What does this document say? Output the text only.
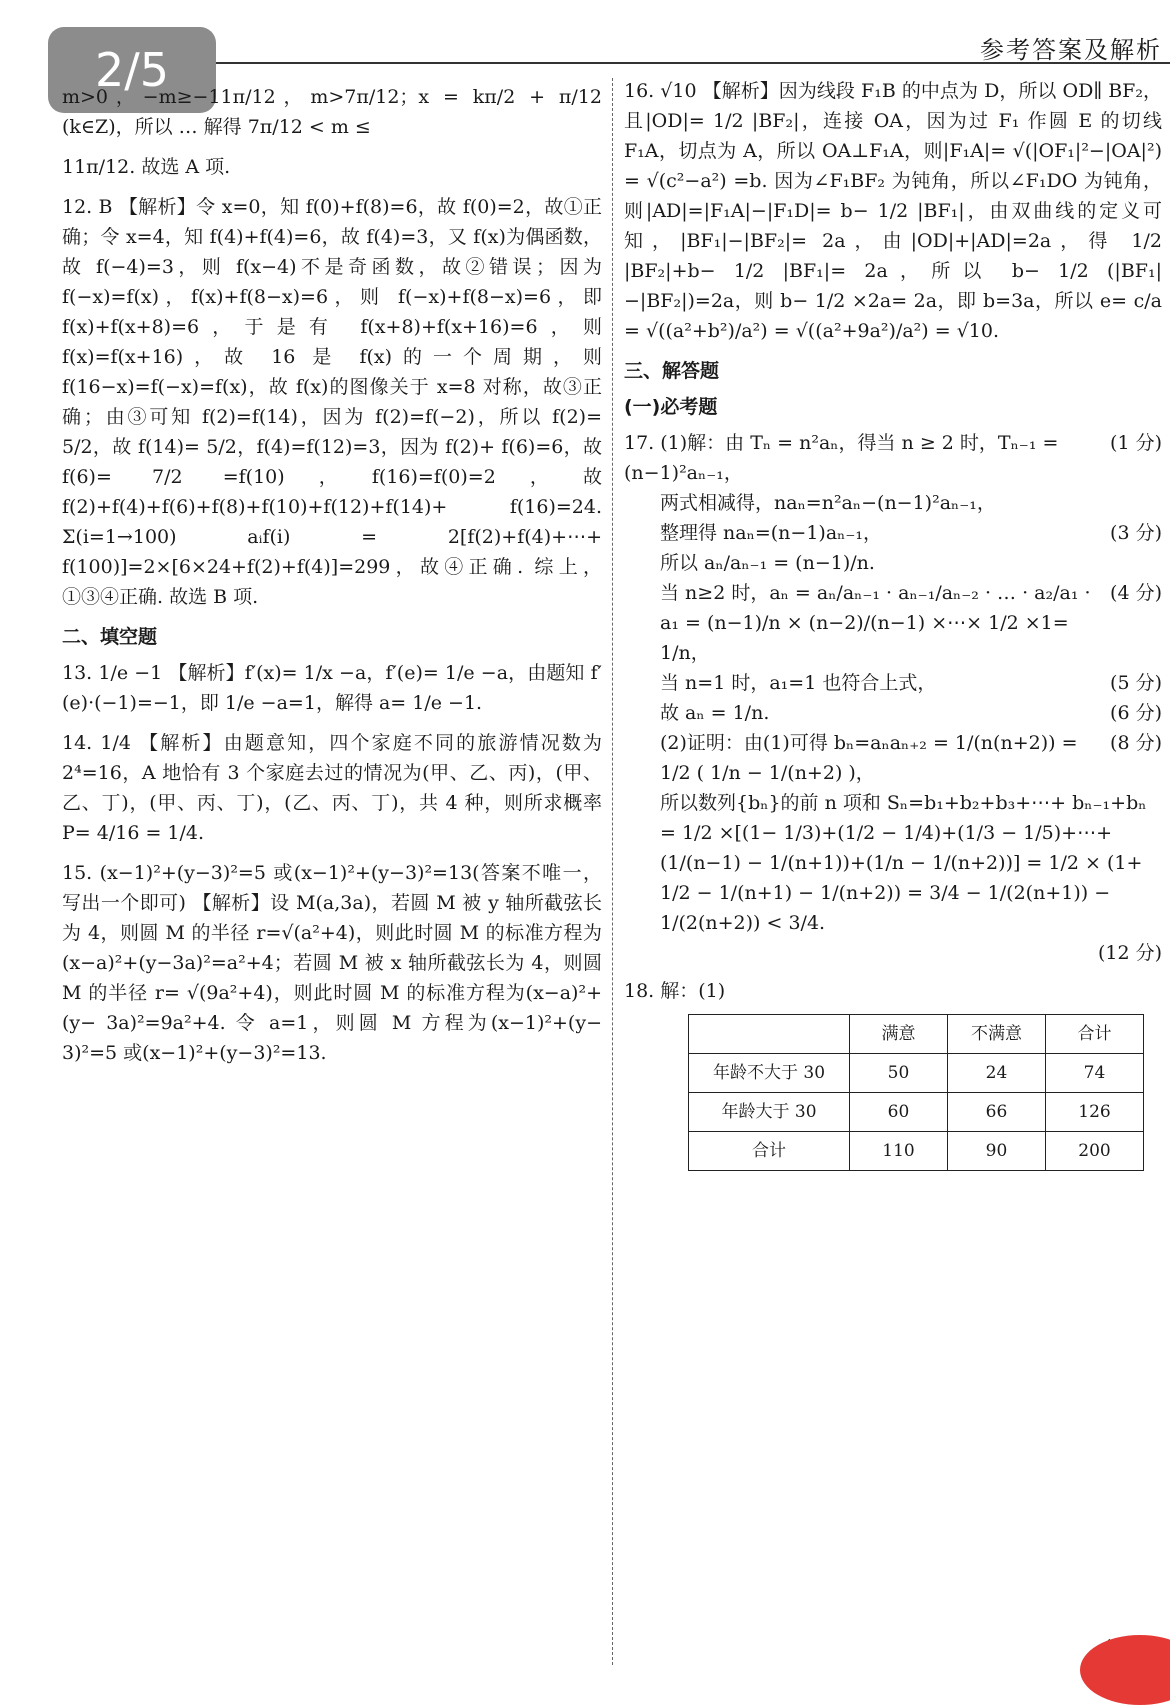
参考答案及解析
2/5

m>0，−m≥−11π/12，m>7π/12；x = kπ/2 + π/12 (k∈Z)，所以 … 解得 7π/12 < m ≤

11π/12. 故选 A 项.

12. B 【解析】令 x=0，知 f(0)+f(8)=6，故 f(0)=2，故①正确；令 x=4，知 f(4)+f(4)=6，故 f(4)=3，又 f(x)为偶函数，故 f(−4)=3，则 f(x−4)不是奇函数，故②错误；因为 f(−x)=f(x)，f(x)+f(8−x)=6，则 f(−x)+f(8−x)=6，即 f(x)+f(x+8)=6，于是有 f(x+8)+f(x+16)=6，则 f(x)=f(x+16)，故 16 是 f(x)的一个周期，则 f(16−x)=f(−x)=f(x)，故 f(x)的图像关于 x=8 对称，故③正确；由③可知 f(2)=f(14)，因为 f(2)=f(−2)，所以 f(2)= 5/2，故 f(14)= 5/2，f(4)=f(12)=3，因为 f(2)+ f(6)=6，故 f(6)= 7/2 =f(10)，f(16)=f(0)=2，故 f(2)+f(4)+f(6)+f(8)+f(10)+f(12)+f(14)+ f(16)=24. Σ(i=1→100) aᵢf(i) = 2[f(2)+f(4)+⋯+ f(100)]=2×[6×24+f(2)+f(4)]=299，故④正确. 综上，①③④正确. 故选 B 项.

二、填空题

13. 1/e −1 【解析】f′(x)= 1/x −a，f′(e)= 1/e −a，由题知 f′(e)·(−1)=−1，即 1/e −a=1，解得 a= 1/e −1.

14. 1/4 【解析】由题意知，四个家庭不同的旅游情况数为 2⁴=16，A 地恰有 3 个家庭去过的情况为(甲、乙、丙)，(甲、乙、丁)，(甲、丙、丁)，(乙、丙、丁)，共 4 种，则所求概率 P= 4/16 = 1/4.

15. (x−1)²+(y−3)²=5 或(x−1)²+(y−3)²=13(答案不唯一，写出一个即可) 【解析】设 M(a,3a)，若圆 M 被 y 轴所截弦长为 4，则圆 M 的半径 r=√(a²+4)，则此时圆 M 的标准方程为(x−a)²+(y−3a)²=a²+4；若圆 M 被 x 轴所截弦长为 4，则圆 M 的半径 r= √(9a²+4)，则此时圆 M 的标准方程为(x−a)²+(y− 3a)²=9a²+4. 令 a=1，则圆 M 方程为(x−1)²+(y− 3)²=5 或(x−1)²+(y−3)²=13.

16. √10 【解析】因为线段 F₁B 的中点为 D，所以 OD∥ BF₂，且|OD|= 1/2 |BF₂|，连接 OA，因为过 F₁ 作圆 E 的切线 F₁A，切点为 A，所以 OA⊥F₁A，则|F₁A|= √(|OF₁|²−|OA|²) = √(c²−a²) =b. 因为∠F₁BF₂ 为钝角，所以∠F₁DO 为钝角，则|AD|=|F₁A|−|F₁D|= b− 1/2 |BF₁|，由双曲线的定义可知，|BF₁|−|BF₂|= 2a，由|OD|+|AD|=2a，得 1/2 |BF₂|+b− 1/2 |BF₁|= 2a，所以 b− 1/2 (|BF₁|−|BF₂|)=2a，则 b− 1/2 ×2a= 2a，即 b=3a，所以 e= c/a = √((a²+b²)/a²) = √((a²+9a²)/a²) = √10.

三、解答题
(一)必考题
17. (1)解：由 Tₙ = n²aₙ，得当 n ≥ 2 时，Tₙ₋₁ = (n−1)²aₙ₋₁，
(1 分)
两式相减得，naₙ=n²aₙ−(n−1)²aₙ₋₁，
整理得 naₙ=(n−1)aₙ₋₁，	(3 分)
所以 aₙ/aₙ₋₁ = (n−1)/n.
当 n≥2 时，aₙ = aₙ/aₙ₋₁ · aₙ₋₁/aₙ₋₂ · … · a₂/a₁ · a₁ = (n−1)/n × (n−2)/(n−1) ×⋯× 1/2 ×1= 1/n，
(4 分)
当 n=1 时，a₁=1 也符合上式，	(5 分)
故 aₙ = 1/n.	(6 分)
(2)证明：由(1)可得 bₙ=aₙaₙ₊₂ = 1/(n(n+2)) = 1/2 ( 1/n − 1/(n+2) )，
(8 分)
所以数列{bₙ}的前 n 项和 Sₙ=b₁+b₂+b₃+⋯+ bₙ₋₁+bₙ = 1/2 ×[(1− 1/3)+(1/2 − 1/4)+(1/3 − 1/5)+⋯+(1/(n−1) − 1/(n+1))+(1/n − 1/(n+2))] = 1/2 × (1+ 1/2 − 1/(n+1) − 1/(n+2)) = 3/4 − 1/(2(n+1)) − 1/(2(n+2)) < 3/4.
(12 分)
18. 解：(1)
	满意	不满意	合计
年龄不大于 30	50	24	74
年龄大于 30	60	66	126
合计	110	90	200
